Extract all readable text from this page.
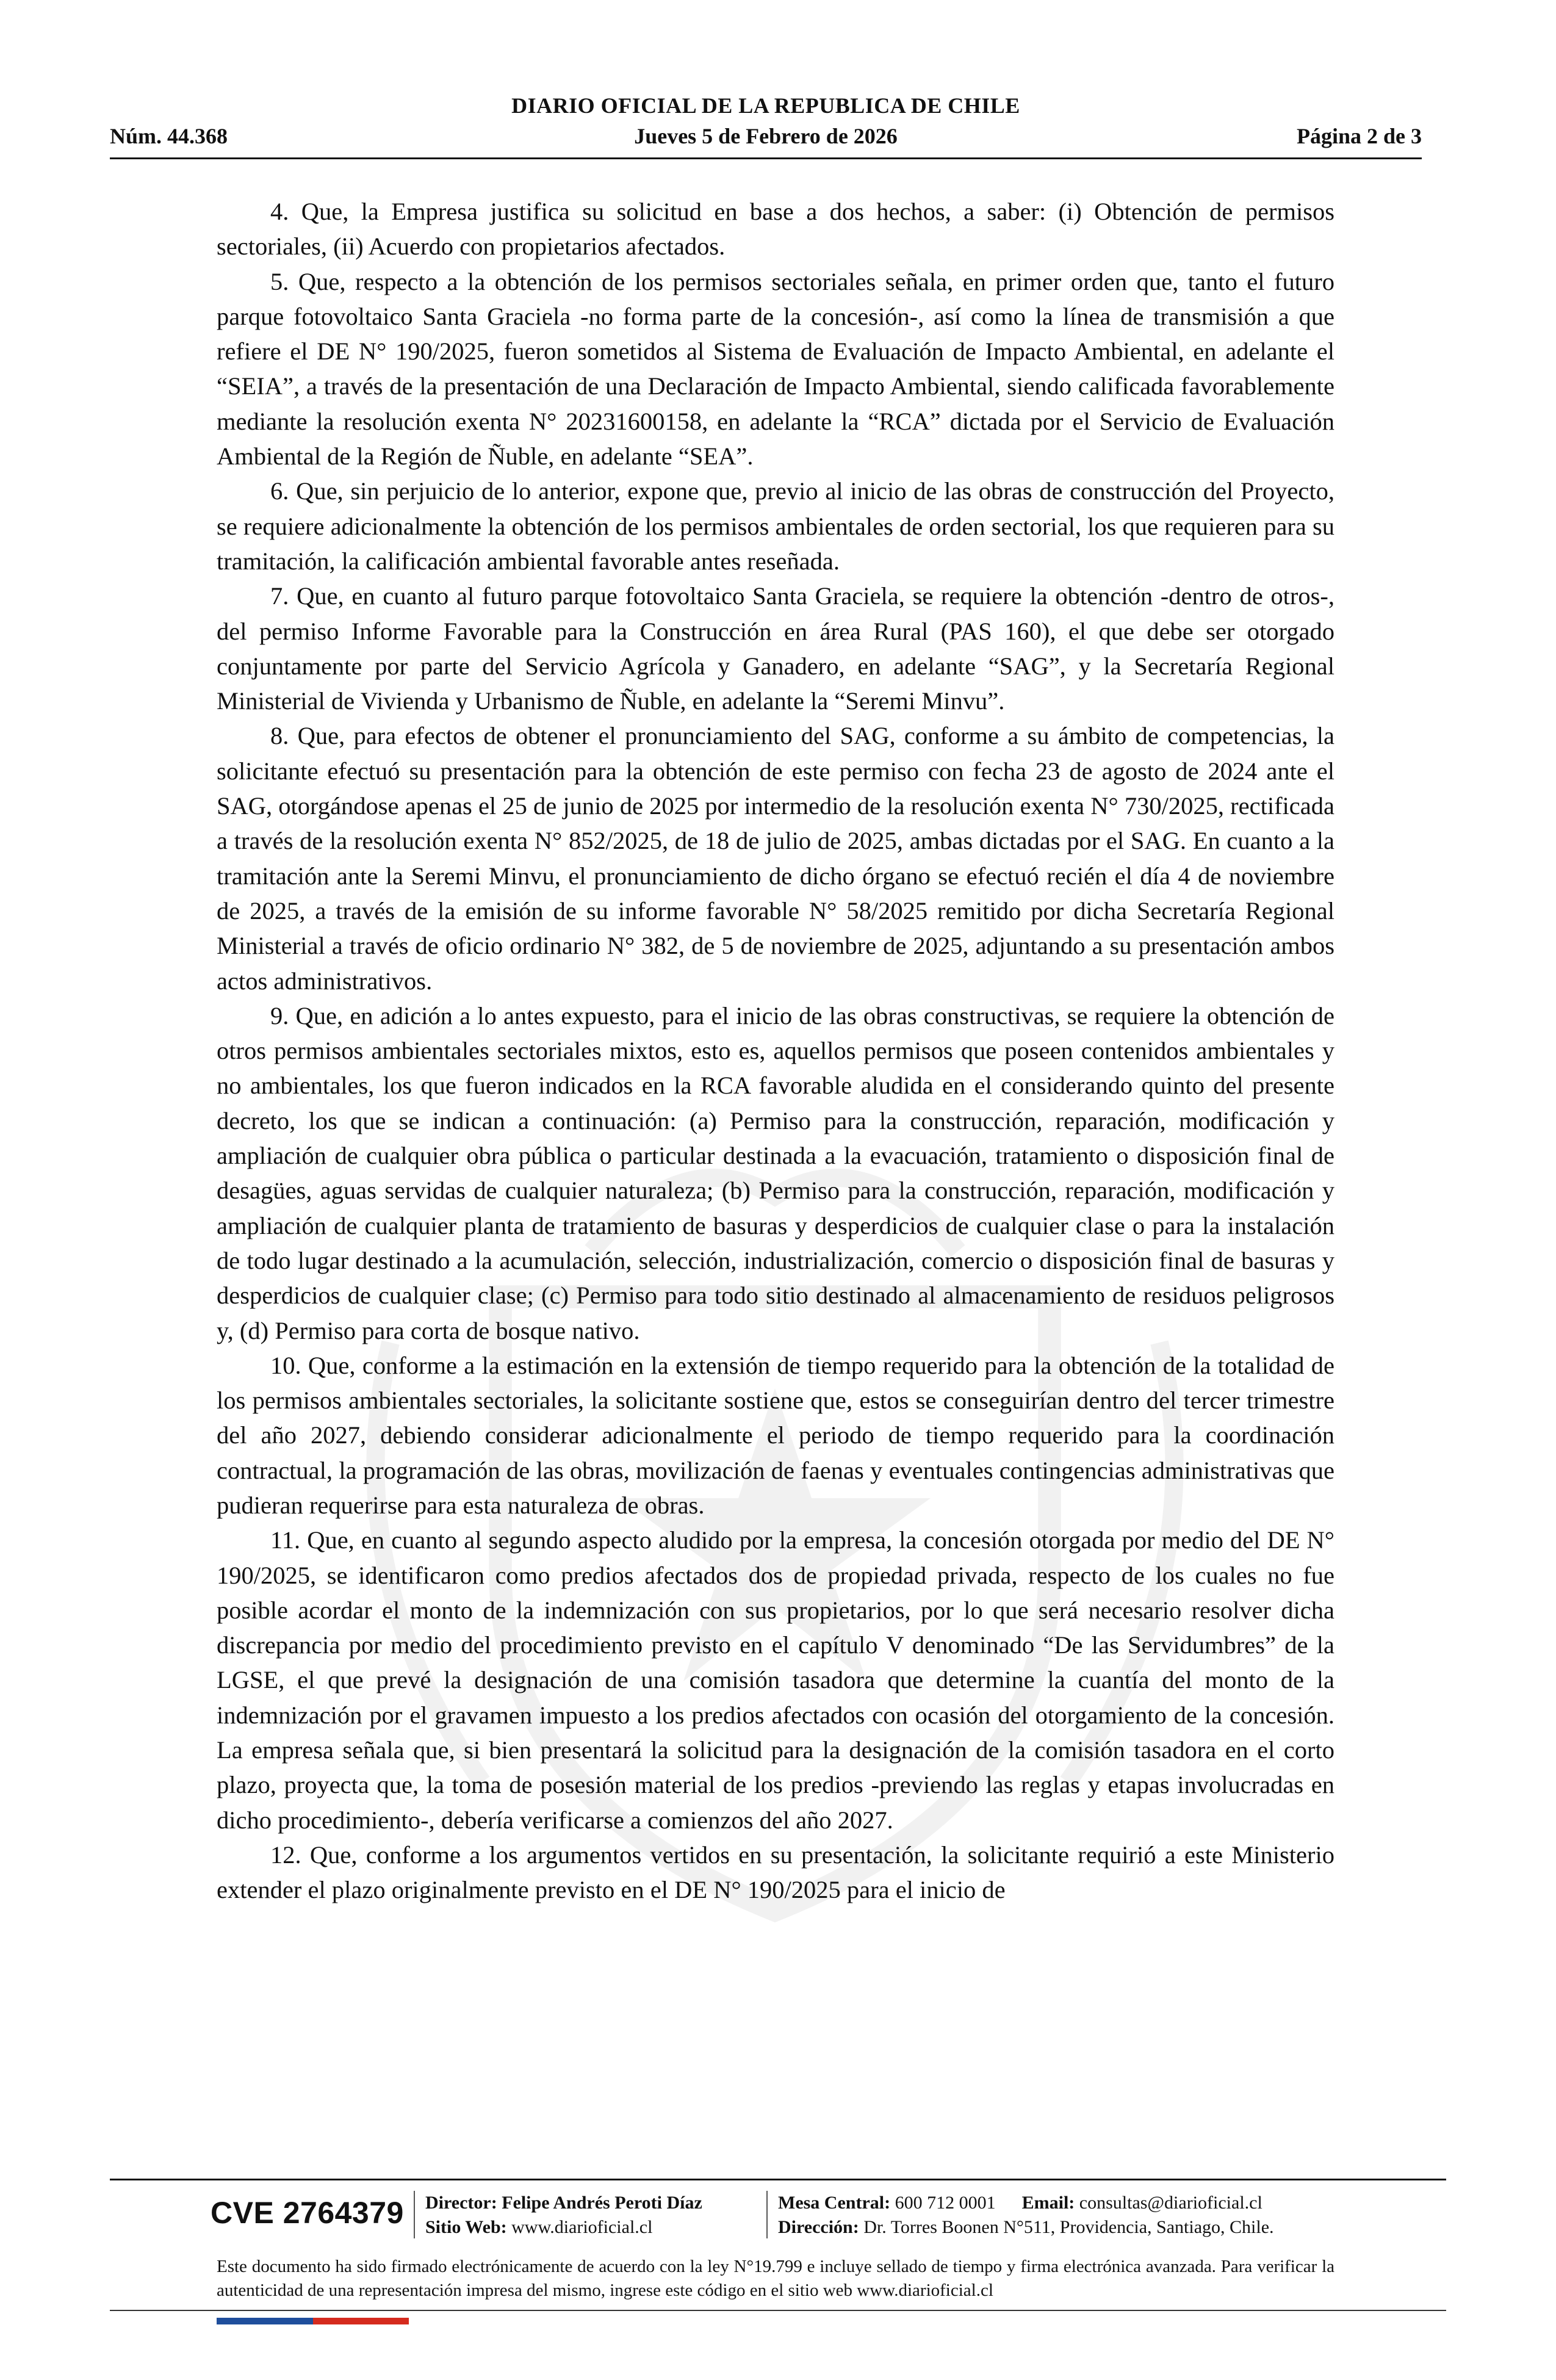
DIARIO OFICIAL DE LA REPUBLICA DE CHILE
Núm. 44.368	Jueves 5 de Febrero de 2026	Página 2 de 3

4. Que, la Empresa justifica su solicitud en base a dos hechos, a saber: (i) Obtención de permisos sectoriales, (ii) Acuerdo con propietarios afectados.

5. Que, respecto a la obtención de los permisos sectoriales señala, en primer orden que, tanto el futuro parque fotovoltaico Santa Graciela -no forma parte de la concesión-, así como la línea de transmisión a que refiere el DE N° 190/2025, fueron sometidos al Sistema de Evaluación de Impacto Ambiental, en adelante el “SEIA”, a través de la presentación de una Declaración de Impacto Ambiental, siendo calificada favorablemente mediante la resolución exenta N° 20231600158, en adelante la “RCA” dictada por el Servicio de Evaluación Ambiental de la Región de Ñuble, en adelante “SEA”.

6. Que, sin perjuicio de lo anterior, expone que, previo al inicio de las obras de construcción del Proyecto, se requiere adicionalmente la obtención de los permisos ambientales de orden sectorial, los que requieren para su tramitación, la calificación ambiental favorable antes reseñada.

7. Que, en cuanto al futuro parque fotovoltaico Santa Graciela, se requiere la obtención -dentro de otros-, del permiso Informe Favorable para la Construcción en área Rural (PAS 160), el que debe ser otorgado conjuntamente por parte del Servicio Agrícola y Ganadero, en adelante “SAG”, y la Secretaría Regional Ministerial de Vivienda y Urbanismo de Ñuble, en adelante la “Seremi Minvu”.

8. Que, para efectos de obtener el pronunciamiento del SAG, conforme a su ámbito de competencias, la solicitante efectuó su presentación para la obtención de este permiso con fecha 23 de agosto de 2024 ante el SAG, otorgándose apenas el 25 de junio de 2025 por intermedio de la resolución exenta N° 730/2025, rectificada a través de la resolución exenta N° 852/2025, de 18 de julio de 2025, ambas dictadas por el SAG. En cuanto a la tramitación ante la Seremi Minvu, el pronunciamiento de dicho órgano se efectuó recién el día 4 de noviembre de 2025, a través de la emisión de su informe favorable N° 58/2025 remitido por dicha Secretaría Regional Ministerial a través de oficio ordinario N° 382, de 5 de noviembre de 2025, adjuntando a su presentación ambos actos administrativos.

9. Que, en adición a lo antes expuesto, para el inicio de las obras constructivas, se requiere la obtención de otros permisos ambientales sectoriales mixtos, esto es, aquellos permisos que poseen contenidos ambientales y no ambientales, los que fueron indicados en la RCA favorable aludida en el considerando quinto del presente decreto, los que se indican a continuación: (a) Permiso para la construcción, reparación, modificación y ampliación de cualquier obra pública o particular destinada a la evacuación, tratamiento o disposición final de desagües, aguas servidas de cualquier naturaleza; (b) Permiso para la construcción, reparación, modificación y ampliación de cualquier planta de tratamiento de basuras y desperdicios de cualquier clase o para la instalación de todo lugar destinado a la acumulación, selección, industrialización, comercio o disposición final de basuras y desperdicios de cualquier clase; (c) Permiso para todo sitio destinado al almacenamiento de residuos peligrosos y, (d) Permiso para corta de bosque nativo.

10. Que, conforme a la estimación en la extensión de tiempo requerido para la obtención de la totalidad de los permisos ambientales sectoriales, la solicitante sostiene que, estos se conseguirían dentro del tercer trimestre del año 2027, debiendo considerar adicionalmente el periodo de tiempo requerido para la coordinación contractual, la programación de las obras, movilización de faenas y eventuales contingencias administrativas que pudieran requerirse para esta naturaleza de obras.

11. Que, en cuanto al segundo aspecto aludido por la empresa, la concesión otorgada por medio del DE N° 190/2025, se identificaron como predios afectados dos de propiedad privada, respecto de los cuales no fue posible acordar el monto de la indemnización con sus propietarios, por lo que será necesario resolver dicha discrepancia por medio del procedimiento previsto en el capítulo V denominado “De las Servidumbres” de la LGSE, el que prevé la designación de una comisión tasadora que determine la cuantía del monto de la indemnización por el gravamen impuesto a los predios afectados con ocasión del otorgamiento de la concesión. La empresa señala que, si bien presentará la solicitud para la designación de la comisión tasadora en el corto plazo, proyecta que, la toma de posesión material de los predios -previendo las reglas y etapas involucradas en dicho procedimiento-, debería verificarse a comienzos del año 2027.

12. Que, conforme a los argumentos vertidos en su presentación, la solicitante requirió a este Ministerio extender el plazo originalmente previsto en el DE N° 190/2025 para el inicio de

CVE 2764379 Director: Felipe Andrés Peroti Díaz
Sitio Web: www.diarioficial.cl
Mesa Central: 600 712 0001 Email: consultas@diarioficial.cl
Dirección: Dr. Torres Boonen N°511, Providencia, Santiago, Chile.

Este documento ha sido firmado electrónicamente de acuerdo con la ley N°19.799 e incluye sellado de tiempo y firma electrónica avanzada. Para verificar la autenticidad de una representación impresa del mismo, ingrese este código en el sitio web www.diarioficial.cl
